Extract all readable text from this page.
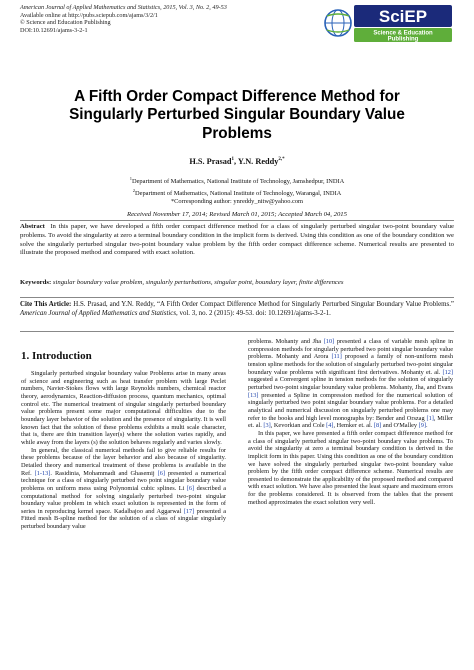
American Journal of Applied Mathematics and Statistics, 2015, Vol. 3, No. 2, 49-53
Available online at http://pubs.sciepub.com/ajams/3/2/1
© Science and Education Publishing
DOI:10.12691/ajams-3-2-1
SciEP
Science & Education
Publishing
A Fifth Order Compact Difference Method for Singularly Perturbed Singular Boundary Value Problems
H.S. Prasad$^1$, Y.N. Reddy$^{2,*}$
$^1$Department of Mathematics, National Institute of Technology, Jamshedpur, INDIA
$^2$Department of Mathematics, National Institute of Technology, Warangal, INDIA
*Corresponding author: ynreddy_nitw@yahoo.com
Received November 17, 2014; Revised March 01, 2015; Accepted March 04, 2015
Abstract In this paper, we have developed a fifth order compact difference method for a class of singularly perturbed singular two-point boundary value problems. To avoid the singularity at zero a terminal boundary condition in the implicit form is derived. Using this condition as one of the boundary condition we solve the singularly perturbed singular two-point boundary value problem by the fifth order compact difference scheme. Numerical results are presented to illustrate the proposed method and compared with exact solution.
Keywords: singular boundary value problem, singularly perturbations, singular point, boundary layer, finite differences
Cite This Article: H.S. Prasad, and Y.N. Reddy, “A Fifth Order Compact Difference Method for Singularly Perturbed Singular Boundary Value Problems.” American Journal of Applied Mathematics and Statistics, vol. 3, no. 2 (2015): 49-53. doi: 10.12691/ajams-3-2-1.
1. Introduction

Singularly perturbed singular boundary value Problems arise in many areas of science and engineering such as heat transfer problem with large Peclet numbers, Navier-Stokes flows with large Reynolds numbers, chemical reactor theory, aerodynamics, Reaction-diffusion process, quantum mechanics, optimal control etc. The numerical treatment of singular singularly perturbed boundary value problems present some major computational difficulties due to the boundary layer behavior of the solution and the presence of singularity. It is well known fact that the solution of these problems exhibits a multi scale character, that is, there are thin transition layer(s) where the solution varies rapidly, and while away from the layers (s) the solution behaves regularly and varies slowly.

In general, the classical numerical methods fail to give reliable results for these problems because of the layer behavior and also because of singularity. Detailed theory and numerical treatment of these problems is available in the Ref. [1-13]. Rasidinia, Mohammadi and Ghasemij [6] presented a numerical technique for a class of singularly perturbed two point singular boundary value problems on uniform mess using Polynomial cubic splines. Li [6] described a computational method for solving singularly perturbed two-point singular boundary value problem in which exact solution is represented in the form of series in reproducing kernel space. Kadalbajoo and Aggarwal [17] presented a Fitted mesh B-spline method for the solution of a class of singular singularly perturbed boundary value

problems. Mohanty and Jha [10] presented a class of variable mesh spline in compression methods for singularly perturbed two point singular boundary value problems. Mohanty and Arora [11] proposed a family of non-uniform mesh tension spline methods for the solution of singularly perturbed two-point singular boundary value problems with significant first derivatives. Mohanty et. al. [12] suggested a Convergent spline in tension methods for the solution of singularly perturbed two-point singular boundary value problems. Mohanty, Jha, and Evans [13] presented a Spline in compression method for the numerical solution of singularly perturbed two point singular boundary value problems. For a detailed analytical and numerical discussion on singularly perturbed problems one may refer to the books and high level monographs by: Bender and Orszag [1], Miller et. al. [3], Kevorkian and Cole [4], Hemker et. al. [8] and O'Malley [9].

In this paper, we have presented a fifth order compact difference method for a class of singularly perturbed singular two-point boundary value problems. To avoid the singularity at zero a terminal boundary condition is derived in the implicit form in this paper. Using this condition as one of the boundary condition we have solved the singularly perturbed singular two-point boundary value problem by the fifth order compact difference scheme. Numerical results are presented to demonstrate the applicability of the proposed method and compared with exact solution. We have also presented the least square and maximum errors for the problems considered. It is observed from the tables that the present method approximates the exact solution very well.
